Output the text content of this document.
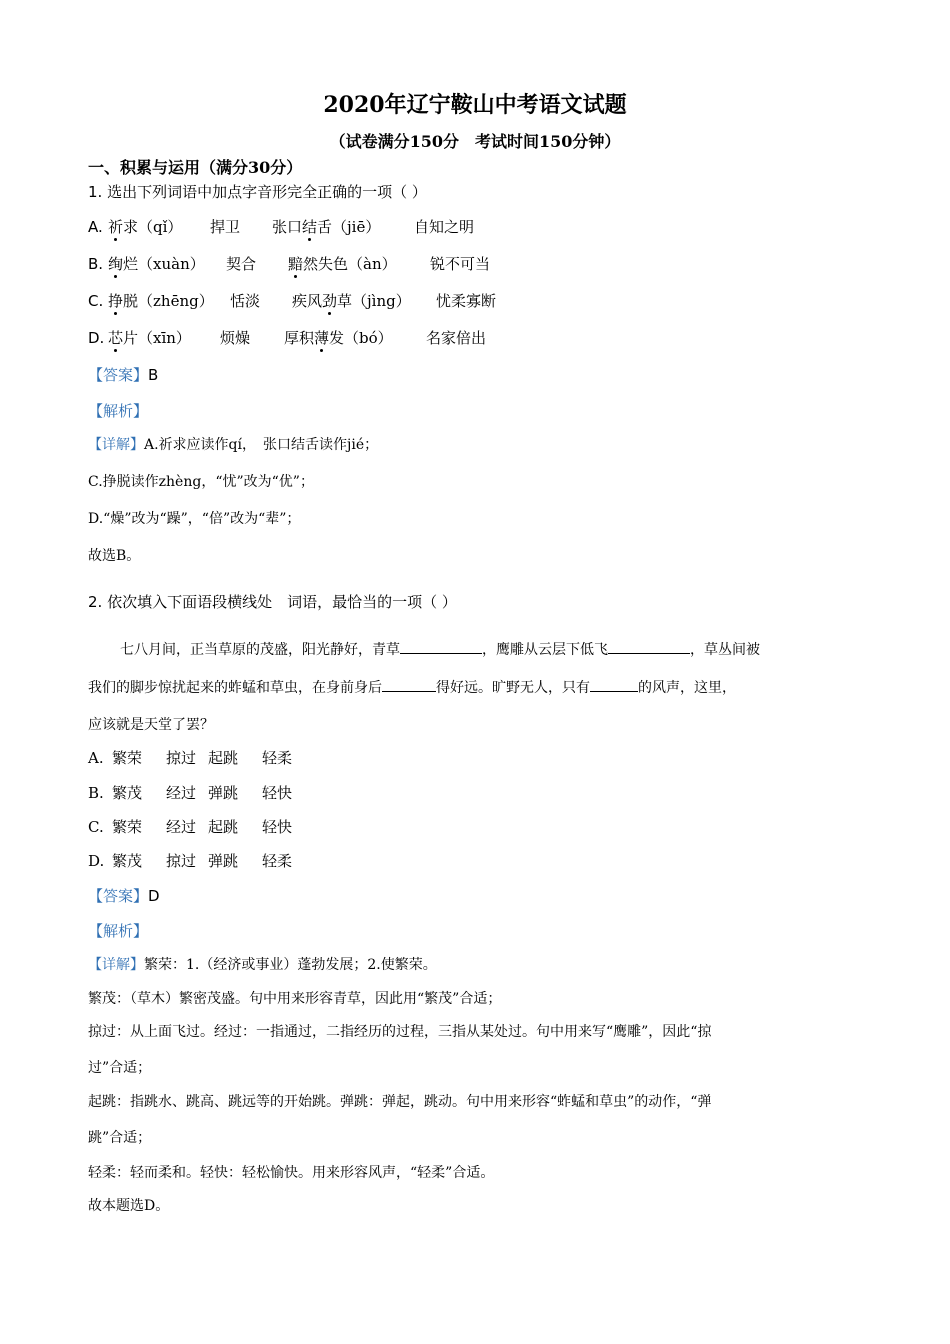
2020年辽宁鞍山中考语文试题
（试卷满分150分　考试时间150分钟）
一、积累与运用（满分30分）
1. 选出下列词语中加点字音形完全正确的一项（ ）
A. 祈求（qǐ） 捍卫 张口结舌（jiē） 自知之明
B. 绚烂（xuàn） 契合 黯然失色（àn） 锐不可当
C. 挣脱（zhēng） 恬淡 疾风劲草（jìng） 忧柔寡断
D. 芯片（xīn） 烦燥 厚积薄发（bó） 名家倍出
【答案】B
【解析】
【详解】A.祈求应读作qí，　张口结舌读作jié；
C.挣脱读作zhèng，“忧”改为“优”；
D.“燥”改为“躁”，“倍”改为“辈”；
故选B。
2. 依次填入下面语段横线处　词语，最恰当的一项（ ）
七八月间，正当草原的茂盛，阳光静好，青草	，鹰雕从云层下低飞	，草丛间被
我们的脚步惊扰起来的蚱蜢和草虫，在身前身后	得好远。旷野无人，只有	的风声，这里，
应该就是天堂了罢？
A. 繁荣 掠过 起跳 轻柔
B. 繁茂 经过 弹跳 轻快
C. 繁荣 经过 起跳 轻快
D. 繁茂 掠过 弹跳 轻柔
【答案】D
【解析】
【详解】繁荣：1.（经济或事业）蓬勃发展；2.使繁荣。
繁茂：（草木）繁密茂盛。句中用来形容青草，因此用“繁茂”合适；
掠过：从上面飞过。经过：一指通过，二指经历的过程，三指从某处过。句中用来写“鹰雕”，因此“掠
过”合适；
起跳：指跳水、跳高、跳远等的开始跳。弹跳：弹起，跳动。句中用来形容“蚱蜢和草虫”的动作，“弹
跳”合适；
轻柔：轻而柔和。轻快：轻松愉快。用来形容风声，“轻柔”合适。
故本题选D。
